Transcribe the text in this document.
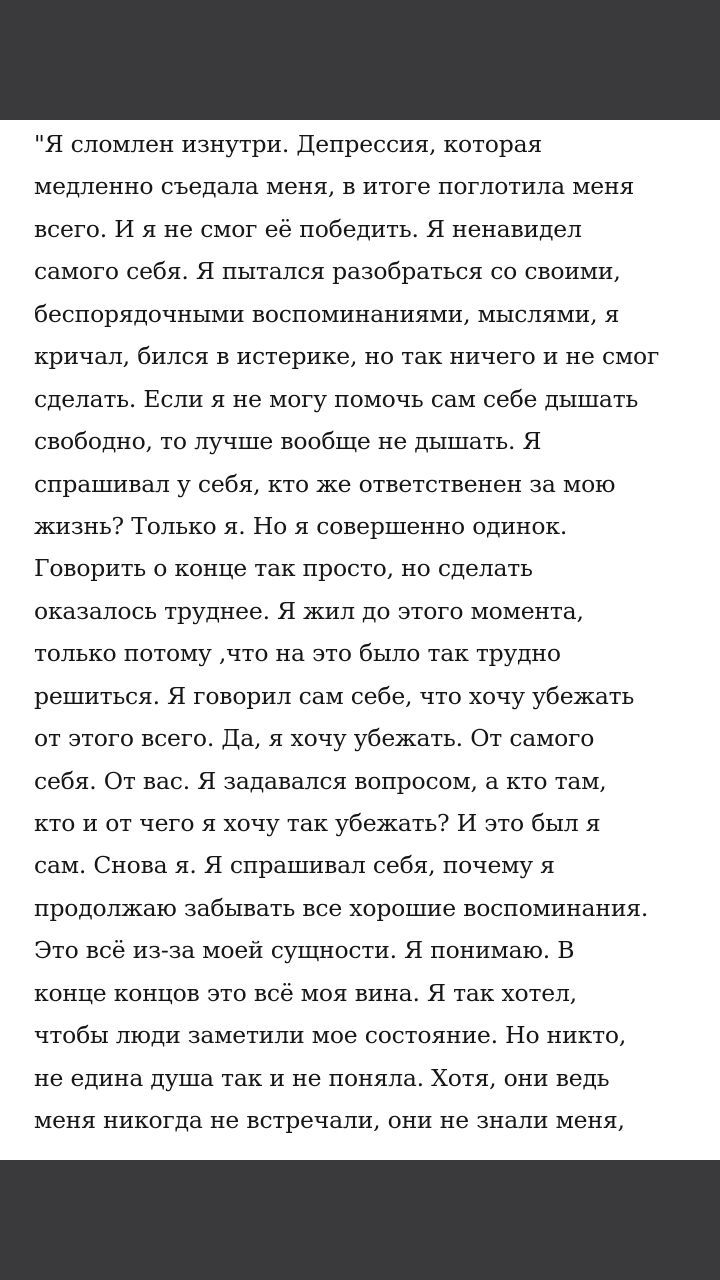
"Я сломлен изнутри. Депрессия, которая
медленно съедала меня, в итоге поглотила меня
всего. И я не смог её победить. Я ненавидел
самого себя. Я пытался разобраться со своими,
беспорядочными воспоминаниями, мыслями, я
кричал, бился в истерике, но так ничего и не смог
сделать. Если я не могу помочь сам себе дышать
свободно, то лучше вообще не дышать. Я
спрашивал у себя, кто же ответственен за мою
жизнь? Только я. Но я совершенно одинок.
Говорить о конце так просто, но сделать
оказалось труднее. Я жил до этого момента,
только потому ,что на это было так трудно
решиться. Я говорил сам себе, что хочу убежать
от этого всего. Да, я хочу убежать. От самого
себя. От вас. Я задавался вопросом, а кто там,
кто и от чего я хочу так убежать? И это был я
сам. Снова я. Я спрашивал себя, почему я
продолжаю забывать все хорошие воспоминания.
Это всё из-за моей сущности. Я понимаю. В
конце концов это всё моя вина. Я так хотел,
чтобы люди заметили мое состояние. Но никто,
не едина душа так и не поняла. Хотя, они ведь
меня никогда не встречали, они не знали меня,
